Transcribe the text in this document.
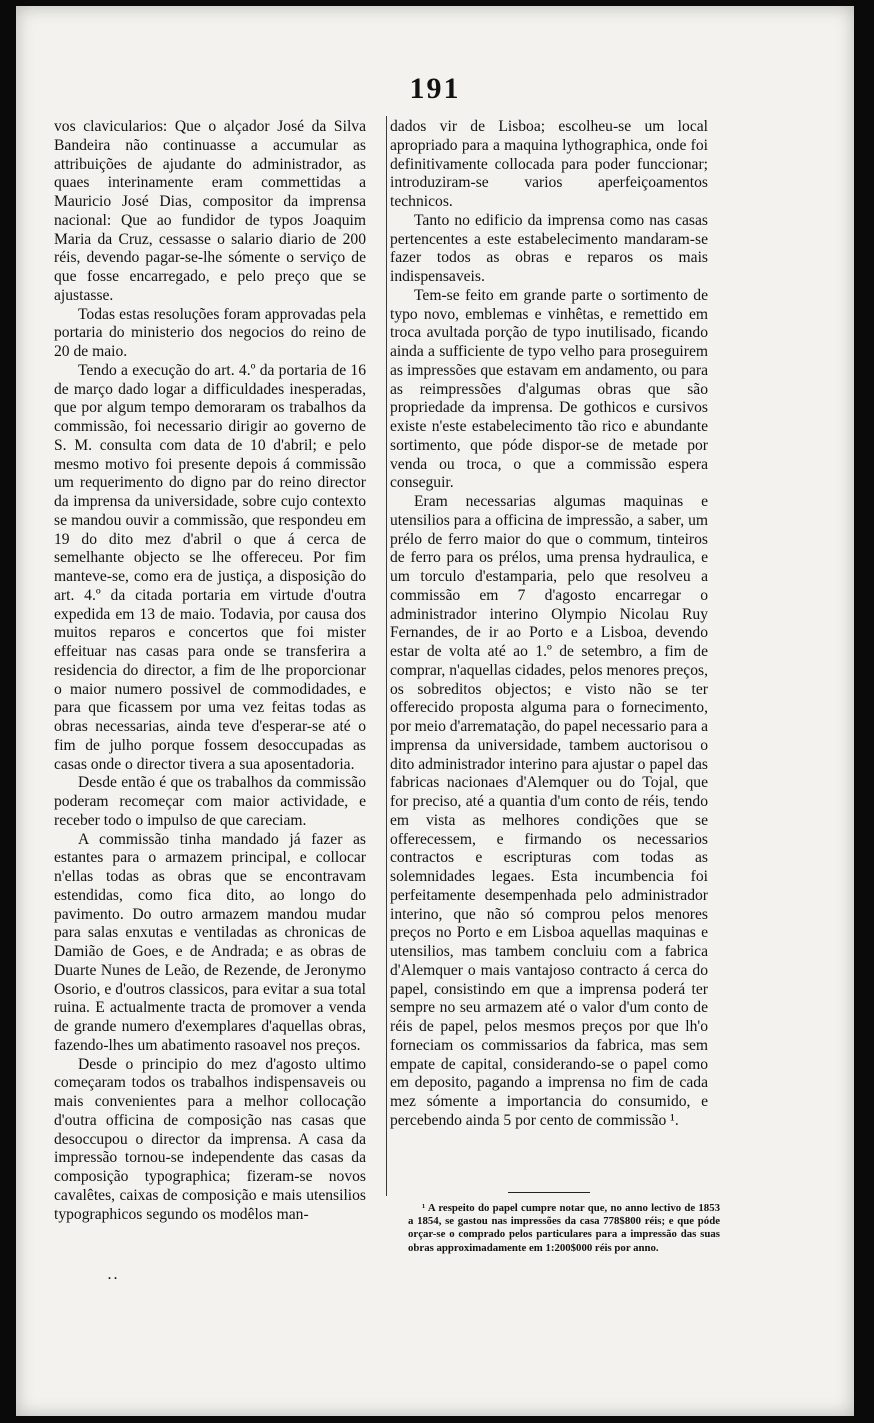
191

vos clavicularios: Que o alçador José da Silva Bandeira não continuasse a accumular as attribuições de ajudante do administrador, as quaes interinamente eram commettidas a Mauricio José Dias, compositor da imprensa nacional: Que ao fundidor de typos Joaquim Maria da Cruz, cessasse o salario diario de 200 réis, devendo pagar-se-lhe sómente o serviço de que fosse encarregado, e pelo preço que se ajustasse.

Todas estas resoluções foram approvadas pela portaria do ministerio dos negocios do reino de 20 de maio.

Tendo a execução do art. 4.º da portaria de 16 de março dado logar a difficuldades inesperadas, que por algum tempo demoraram os trabalhos da commissão, foi necessario dirigir ao governo de S. M. consulta com data de 10 d'abril; e pelo mesmo motivo foi presente depois á commissão um requerimento do digno par do reino director da imprensa da universidade, sobre cujo contexto se mandou ouvir a commissão, que respondeu em 19 do dito mez d'abril o que á cerca de semelhante objecto se lhe offereceu. Por fim manteve-se, como era de justiça, a disposição do art. 4.º da citada portaria em virtude d'outra expedida em 13 de maio. Todavia, por causa dos muitos reparos e concertos que foi mister effeituar nas casas para onde se transferira a residencia do director, a fim de lhe proporcionar o maior numero possivel de commodidades, e para que ficassem por uma vez feitas todas as obras necessarias, ainda teve d'esperar-se até o fim de julho porque fossem desoccupadas as casas onde o director tivera a sua aposentadoria.

Desde então é que os trabalhos da commissão poderam recomeçar com maior actividade, e receber todo o impulso de que careciam.

A commissão tinha mandado já fazer as estantes para o armazem principal, e collocar n'ellas todas as obras que se encontravam estendidas, como fica dito, ao longo do pavimento. Do outro armazem mandou mudar para salas enxutas e ventiladas as chronicas de Damião de Goes, e de Andrada; e as obras de Duarte Nunes de Leão, de Rezende, de Jeronymo Osorio, e d'outros classicos, para evitar a sua total ruina. E actualmente tracta de promover a venda de grande numero d'exemplares d'aquellas obras, fazendo-lhes um abatimento rasoavel nos preços.

Desde o principio do mez d'agosto ultimo começaram todos os trabalhos indispensaveis ou mais convenientes para a melhor collocação d'outra officina de composição nas casas que desoccupou o director da imprensa. A casa da impressão tornou-se independente das casas da composição typographica; fizeram-se novos cavalêtes, caixas de composição e mais utensilios typographicos segundo os modêlos man-

dados vir de Lisboa; escolheu-se um local apropriado para a maquina lythographica, onde foi definitivamente collocada para poder funccionar; introduziram-se varios aperfeiçoamentos technicos.

Tanto no edificio da imprensa como nas casas pertencentes a este estabelecimento mandaram-se fazer todos as obras e reparos os mais indispensaveis.

Tem-se feito em grande parte o sortimento de typo novo, emblemas e vinhêtas, e remettido em troca avultada porção de typo inutilisado, ficando ainda a sufficiente de typo velho para proseguirem as impressões que estavam em andamento, ou para as reimpressões d'algumas obras que são propriedade da imprensa. De gothicos e cursivos existe n'este estabelecimento tão rico e abundante sortimento, que póde dispor-se de metade por venda ou troca, o que a commissão espera conseguir.

Eram necessarias algumas maquinas e utensilios para a officina de impressão, a saber, um prélo de ferro maior do que o commum, tinteiros de ferro para os prélos, uma prensa hydraulica, e um torculo d'estamparia, pelo que resolveu a commissão em 7 d'agosto encarregar o administrador interino Olympio Nicolau Ruy Fernandes, de ir ao Porto e a Lisboa, devendo estar de volta até ao 1.º de setembro, a fim de comprar, n'aquellas cidades, pelos menores preços, os sobreditos objectos; e visto não se ter offerecido proposta alguma para o fornecimento, por meio d'arrematação, do papel necessario para a imprensa da universidade, tambem auctorisou o dito administrador interino para ajustar o papel das fabricas nacionaes d'Alemquer ou do Tojal, que for preciso, até a quantia d'um conto de réis, tendo em vista as melhores condições que se offerecessem, e firmando os necessarios contractos e escripturas com todas as solemnidades legaes. Esta incumbencia foi perfeitamente desempenhada pelo administrador interino, que não só comprou pelos menores preços no Porto e em Lisboa aquellas maquinas e utensilios, mas tambem concluiu com a fabrica d'Alemquer o mais vantajoso contracto á cerca do papel, consistindo em que a imprensa poderá ter sempre no seu armazem até o valor d'um conto de réis de papel, pelos mesmos preços por que lh'o forneciam os commissarios da fabrica, mas sem empate de capital, considerando-se o papel como em deposito, pagando a imprensa no fim de cada mez sómente a importancia do consumido, e percebendo ainda 5 por cento de commissão ¹.

¹ A respeito do papel cumpre notar que, no anno lectivo de 1853 a 1854, se gastou nas impressões da casa 778$800 réis; e que póde orçar-se o comprado pelos particulares para a impressão das suas obras approximadamente em 1:200$000 réis por anno.

. .
